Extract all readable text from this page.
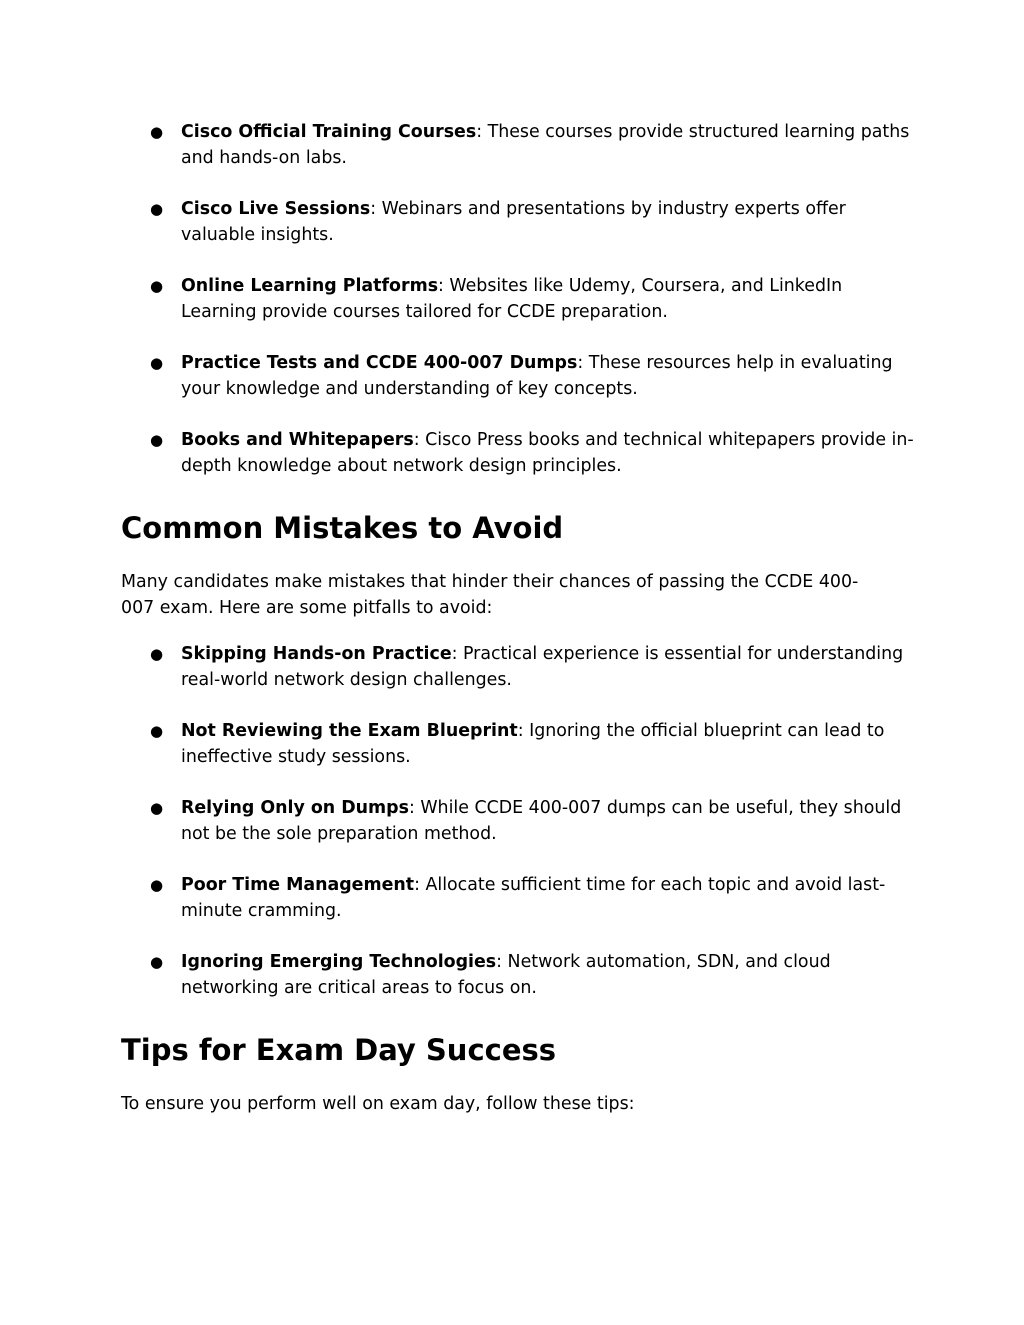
● Cisco Official Training Courses: These courses provide structured learning paths and hands-on labs.
● Cisco Live Sessions: Webinars and presentations by industry experts offer valuable insights.
● Online Learning Platforms: Websites like Udemy, Coursera, and LinkedIn Learning provide courses tailored for CCDE preparation.
● Practice Tests and CCDE 400-007 Dumps: These resources help in evaluating your knowledge and understanding of key concepts.
● Books and Whitepapers: Cisco Press books and technical whitepapers provide in-depth knowledge about network design principles.
Common Mistakes to Avoid

Many candidates make mistakes that hinder their chances of passing the CCDE 400-007 exam. Here are some pitfalls to avoid:

● Skipping Hands-on Practice: Practical experience is essential for understanding real-world network design challenges.
● Not Reviewing the Exam Blueprint: Ignoring the official blueprint can lead to ineffective study sessions.
● Relying Only on Dumps: While CCDE 400-007 dumps can be useful, they should not be the sole preparation method.
● Poor Time Management: Allocate sufficient time for each topic and avoid last-minute cramming.
● Ignoring Emerging Technologies: Network automation, SDN, and cloud networking are critical areas to focus on.
Tips for Exam Day Success

To ensure you perform well on exam day, follow these tips:
